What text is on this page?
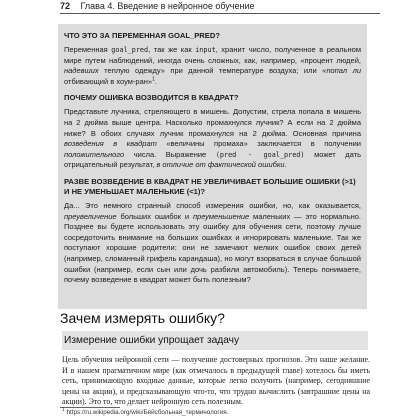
72 Глава 4. Введение в нейронное обучение
ЧТО ЭТО ЗА ПЕРЕМЕННАЯ GOAL_PRED?

Переменная goal_pred, так же как input, хранит число, полученное в реальном мире путем наблюдений, иногда очень сложных, как, например, «процент людей, надевших теплую одежду» при данной температуре воздуха; или «попал ли отбивающий в хоум-ран»$^1$.

ПОЧЕМУ ОШИБКА ВОЗВОДИТСЯ В КВАДРАТ?

Представьте лучника, стреляющего в мишень. Допустим, стрела попала в мишень на 2 дюйма выше центра. Насколько промахнулся лучник? А если на 2 дюйма ниже? В обоих случаях лучник промахнулся на 2 дюйма. Основная причина возведения в квадрат «величины промаха» заключается в получении положительного числа. Выражение (pred - goal_pred) может дать отрицательный результат, в отличие от фактической ошибки.

РАЗВЕ ВОЗВЕДЕНИЕ В КВАДРАТ НЕ УВЕЛИЧИВАЕТ БОЛЬШИЕ ОШИБКИ (>1) И НЕ УМЕНЬШАЕТ МАЛЕНЬКИЕ (<1)?

Да... Это немного странный способ измерения ошибки, но, как оказывается, преувеличение больших ошибок и преуменьшение маленьких — это нормально. Позднее вы будете использовать эту ошибку для обучения сети, поэтому лучше сосредоточить внимание на больших ошибках и игнорировать маленькие. Так же поступают хорошие родители: они не замечают мелких ошибок своих детей (например, сломанный грифель карандаша), но могут взорваться в случае большой ошибки (например, если сын или дочь разбили автомобиль). Теперь понимаете, почему возведение в квадрат может быть полезным?

Зачем измерять ошибку?
Измерение ошибки упрощает задачу

Цель обучения нейронной сети — получение достоверных прогнозов. Это наше желание. И в нашем прагматичном мире (как отмечалось в предыдущей главе) хотелось бы иметь сеть, принимающую входные данные, которые легко получить (например, сегодняшние цены на акции), и предсказывающую что-то, что трудно вычислить (завтрашние цены на акции). Это то, что делает нейронную сеть полезным.

$^1$ https://ru.wikipedia.org/wiki/Бейсбольная_терминология.
